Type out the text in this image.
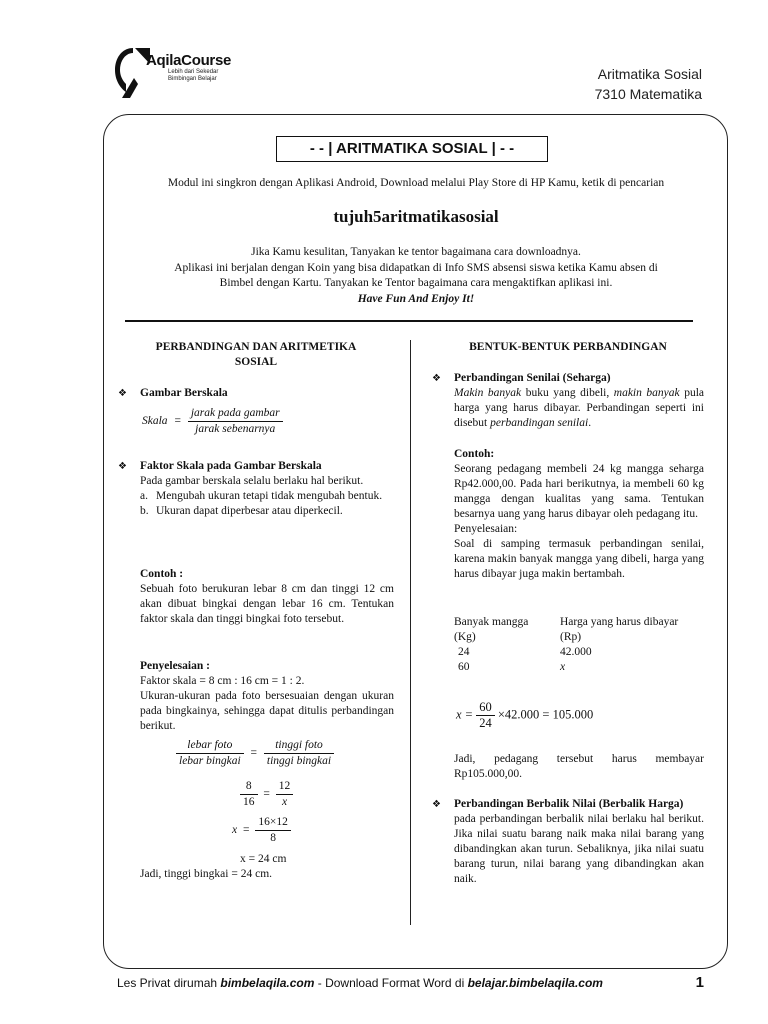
AqilaCourse
Lebih dari Sekedar
Bimbingan Belajar	Aritmatika Sosial
7310 Matematika
- - | ARITMATIKA SOSIAL | - -
Modul ini singkron dengan Aplikasi Android, Download melalui Play Store di HP Kamu, ketik di pencarian
tujuh5aritmatikasosial
Jika Kamu kesulitan, Tanyakan ke tentor bagaimana cara downloadnya.
Aplikasi ini berjalan dengan Koin yang bisa didapatkan di Info SMS absensi siswa ketika Kamu absen di
Bimbel dengan Kartu. Tanyakan ke Tentor bagaimana cara mengaktifkan aplikasi ini.
Have Fun And Enjoy It!
PERBANDINGAN DAN ARITMETIKA
SOSIAL
❖	Gambar Berskala
Skala = $\frac{\text{jarak pada gambar}}{\text{jarak sebenarnya}}$
❖	Faktor Skala pada Gambar Berskala
Pada gambar berskala selalu berlaku hal berikut.
a. Mengubah ukuran tetapi tidak mengubah bentuk.
b. Ukuran dapat diperbesar atau diperkecil.
Contoh :
Sebuah foto berukuran lebar 8 cm dan tinggi 12 cm akan dibuat bingkai dengan lebar 16 cm. Tentukan faktor skala dan tinggi bingkai foto tersebut.
Penyelesaian :
Faktor skala = 8 cm : 16 cm = 1 : 2.
Ukuran-ukuran pada foto bersesuaian dengan ukuran pada bingkainya, sehingga dapat ditulis perbandingan berikut.
$\frac{\text{lebar foto}}{\text{lebar bingkai}} = \frac{\text{tinggi foto}}{\text{tinggi bingkai}}$
$\frac{8}{16} = \frac{12}{x}$
$x = \frac{16\times 12}{8}$
x = 24 cm
Jadi, tinggi bingkai = 24 cm.
BENTUK-BENTUK PERBANDINGAN
❖	Perbandingan Senilai (Seharga)
Makin banyak buku yang dibeli, makin banyak pula harga yang harus dibayar. Perbandingan seperti ini disebut perbandingan senilai.
Contoh:
Seorang pedagang membeli 24 kg mangga seharga Rp42.000,00. Pada hari berikutnya, ia membeli 60 kg mangga dengan kualitas yang sama. Tentukan besarnya uang yang harus dibayar oleh pedagang itu.
Penyelesaian:
Soal di samping termasuk perbandingan senilai, karena makin banyak mangga yang dibeli, harga yang harus dibayar juga makin bertambah.
Banyak mangga	Harga yang harus dibayar
(Kg)	(Rp)
24	42.000
60	x
$x = \frac{60}{24} \times 42.000 = 105.000$
Jadi, pedagang tersebut harus membayar Rp105.000,00.
❖	Perbandingan Berbalik Nilai (Berbalik Harga)
pada perbandingan berbalik nilai berlaku hal berikut. Jika nilai suatu barang naik maka nilai barang yang dibandingkan akan turun. Sebaliknya, jika nilai suatu barang turun, nilai barang yang dibandingkan akan naik.
Les Privat dirumah bimbelaqila.com - Download Format Word di belajar.bimbelaqila.com	1
